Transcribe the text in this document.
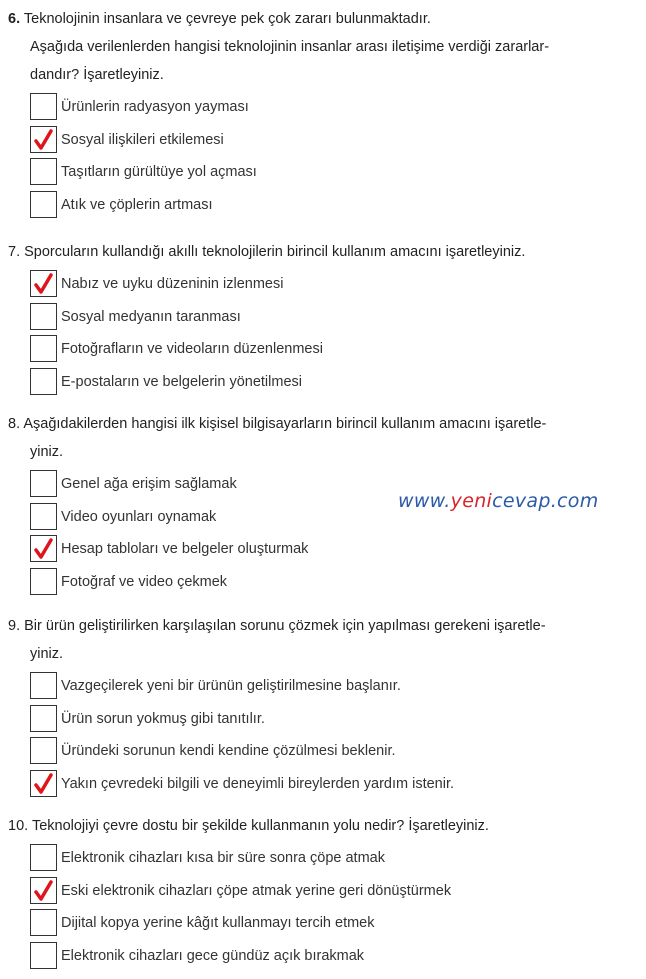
6. Teknolojinin insanlara ve çevreye pek çok zararı bulunmaktadır.
Aşağıda verilenlerden hangisi teknolojinin insanlar arası iletişime verdiği zararlar-
dandır? İşaretleyiniz.
Ürünlerin radyasyon yayması
Sosyal ilişkileri etkilemesi
Taşıtların gürültüye yol açması
Atık ve çöplerin artması
7. Sporcuların kullandığı akıllı teknolojilerin birincil kullanım amacını işaretleyiniz.
Nabız ve uyku düzeninin izlenmesi
Sosyal medyanın taranması
Fotoğrafların ve videoların düzenlenmesi
E-postaların ve belgelerin yönetilmesi
8. Aşağıdakilerden hangisi ilk kişisel bilgisayarların birincil kullanım amacını işaretle-
yiniz.
Genel ağa erişim sağlamak
Video oyunları oynamak
Hesap tabloları ve belgeler oluşturmak
Fotoğraf ve video çekmek
www.yenicevap.com
9. Bir ürün geliştirilirken karşılaşılan sorunu çözmek için yapılması gerekeni işaretle-
yiniz.
Vazgeçilerek yeni bir ürünün geliştirilmesine başlanır.
Ürün sorun yokmuş gibi tanıtılır.
Üründeki sorunun kendi kendine çözülmesi beklenir.
Yakın çevredeki bilgili ve deneyimli bireylerden yardım istenir.
10. Teknolojiyi çevre dostu bir şekilde kullanmanın yolu nedir? İşaretleyiniz.
Elektronik cihazları kısa bir süre sonra çöpe atmak
Eski elektronik cihazları çöpe atmak yerine geri dönüştürmek
Dijital kopya yerine kâğıt kullanmayı tercih etmek
Elektronik cihazları gece gündüz açık bırakmak
